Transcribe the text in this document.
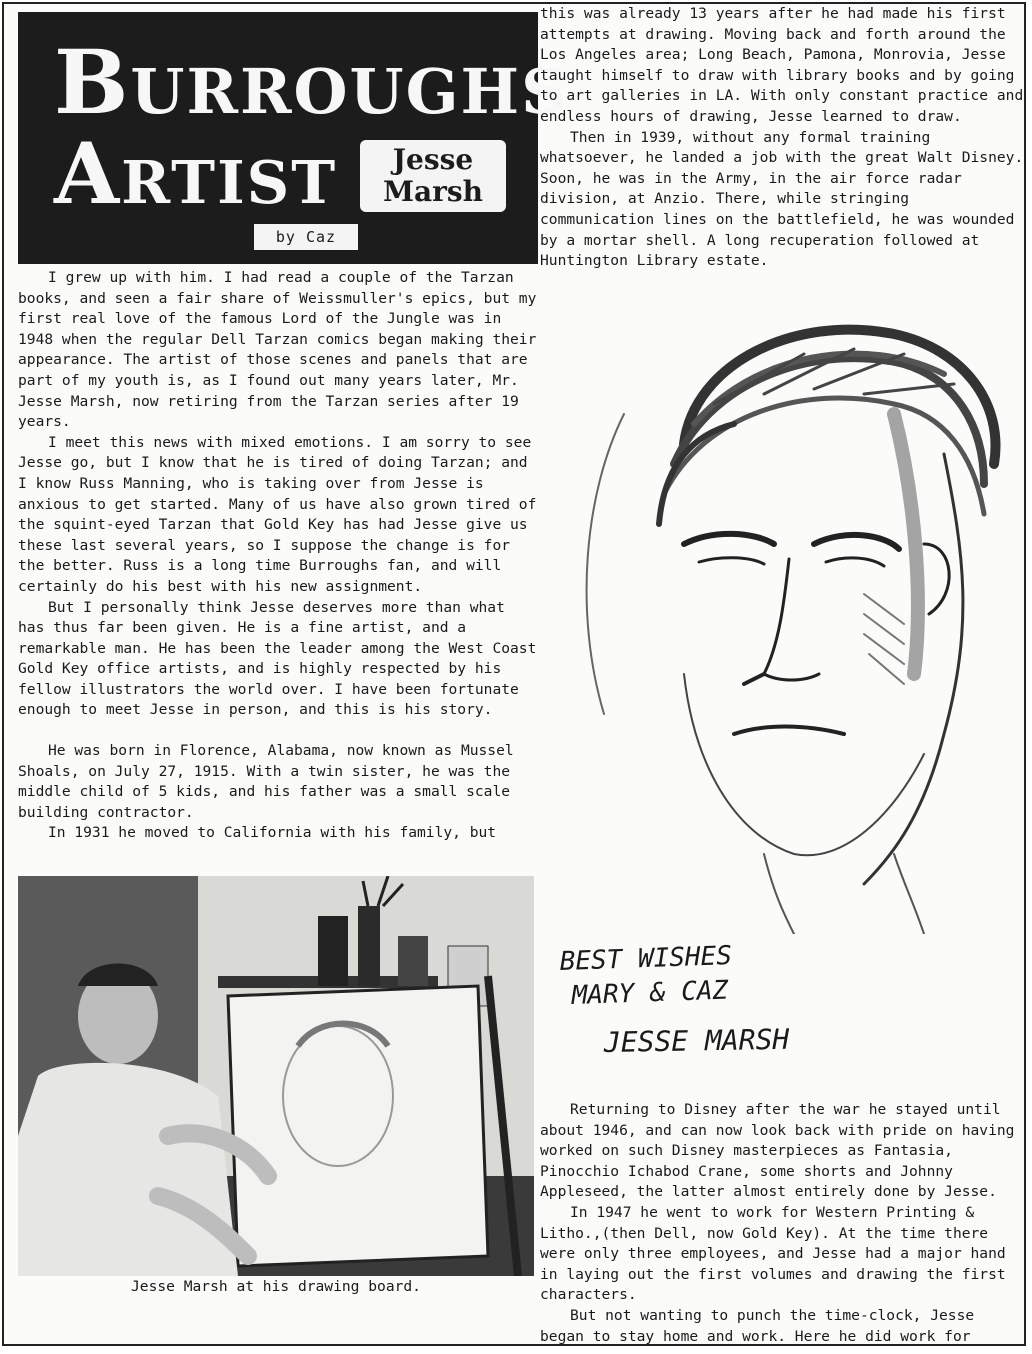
Burroughs
Artist	Jesse
Marsh
by Caz

I grew up with him. I had read a couple of the Tarzan books, and seen a fair share of Weissmuller's epics, but my first real love of the famous Lord of the Jungle was in 1948 when the regular Dell Tarzan comics began making their appearance. The artist of those scenes and panels that are part of my youth is, as I found out many years later, Mr. Jesse Marsh, now retiring from the Tarzan series after 19 years.

I meet this news with mixed emotions. I am sorry to see Jesse go, but I know that he is tired of doing Tarzan; and I know Russ Manning, who is taking over from Jesse is anxious to get started. Many of us have also grown tired of the squint-eyed Tarzan that Gold Key has had Jesse give us these last several years, so I suppose the change is for the better. Russ is a long time Burroughs fan, and will certainly do his best with his new assignment.

But I personally think Jesse deserves more than what has thus far been given. He is a fine artist, and a remarkable man. He has been the leader among the West Coast Gold Key office artists, and is highly respected by his fellow illustrators the world over. I have been fortunate enough to meet Jesse in person, and this is his story.

He was born in Florence, Alabama, now known as Mussel Shoals, on July 27, 1915. With a twin sister, he was the middle child of 5 kids, and his father was a small scale building contractor.

In 1931 he moved to California with his family, but

this was already 13 years after he had made his first attempts at drawing. Moving back and forth around the Los Angeles area; Long Beach, Pamona, Monrovia, Jesse taught himself to draw with library books and by going to art galleries in LA. With only constant practice and endless hours of drawing, Jesse learned to draw.

Then in 1939, without any formal training whatsoever, he landed a job with the great Walt Disney. Soon, he was in the Army, in the air force radar division, at Anzio. There, while stringing communication lines on the battlefield, he was wounded by a mortar shell. A long recuperation followed at Huntington Library estate.

BEST WISHES
MARY & CAZ
JESSE MARSH

Returning to Disney after the war he stayed until about 1946, and can now look back with pride on having worked on such Disney masterpieces as Fantasia, Pinocchio Ichabod Crane, some shorts and Johnny Appleseed, the latter almost entirely done by Jesse.

In 1947 he went to work for Western Printing & Litho.,(then Dell, now Gold Key). At the time there were only three employees, and Jesse had a major hand in laying out the first volumes and drawing the first characters.

But not wanting to punch the time-clock, Jesse began to stay home and work. Here he did work for

Jesse Marsh at his drawing board.
